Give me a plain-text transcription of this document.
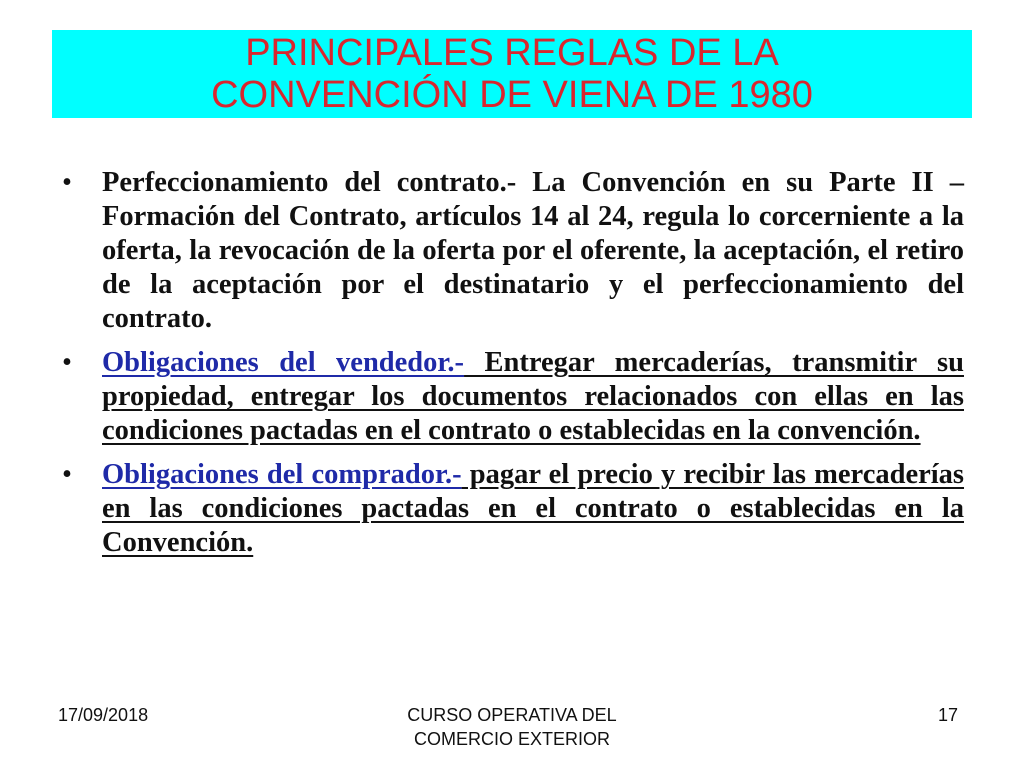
PRINCIPALES REGLAS DE LA
CONVENCIÓN DE VIENA DE 1980
• Perfeccionamiento del contrato.- La Convención en su Parte II – Formación del Contrato, artículos 14 al 24, regula lo corcerniente a la oferta, la revocación de la oferta por el oferente, la aceptación, el retiro de la aceptación por el destinatario y el perfeccionamiento del contrato.
• Obligaciones del vendedor.- Entregar mercaderías, transmitir su propiedad, entregar los documentos relacionados con ellas en las condiciones pactadas en el contrato o establecidas en la convención.
• Obligaciones del comprador.- pagar el precio y recibir las mercaderías en las condiciones pactadas en el contrato o establecidas en la Convención.
17/09/2018	CURSO OPERATIVA DEL
COMERCIO EXTERIOR
17
